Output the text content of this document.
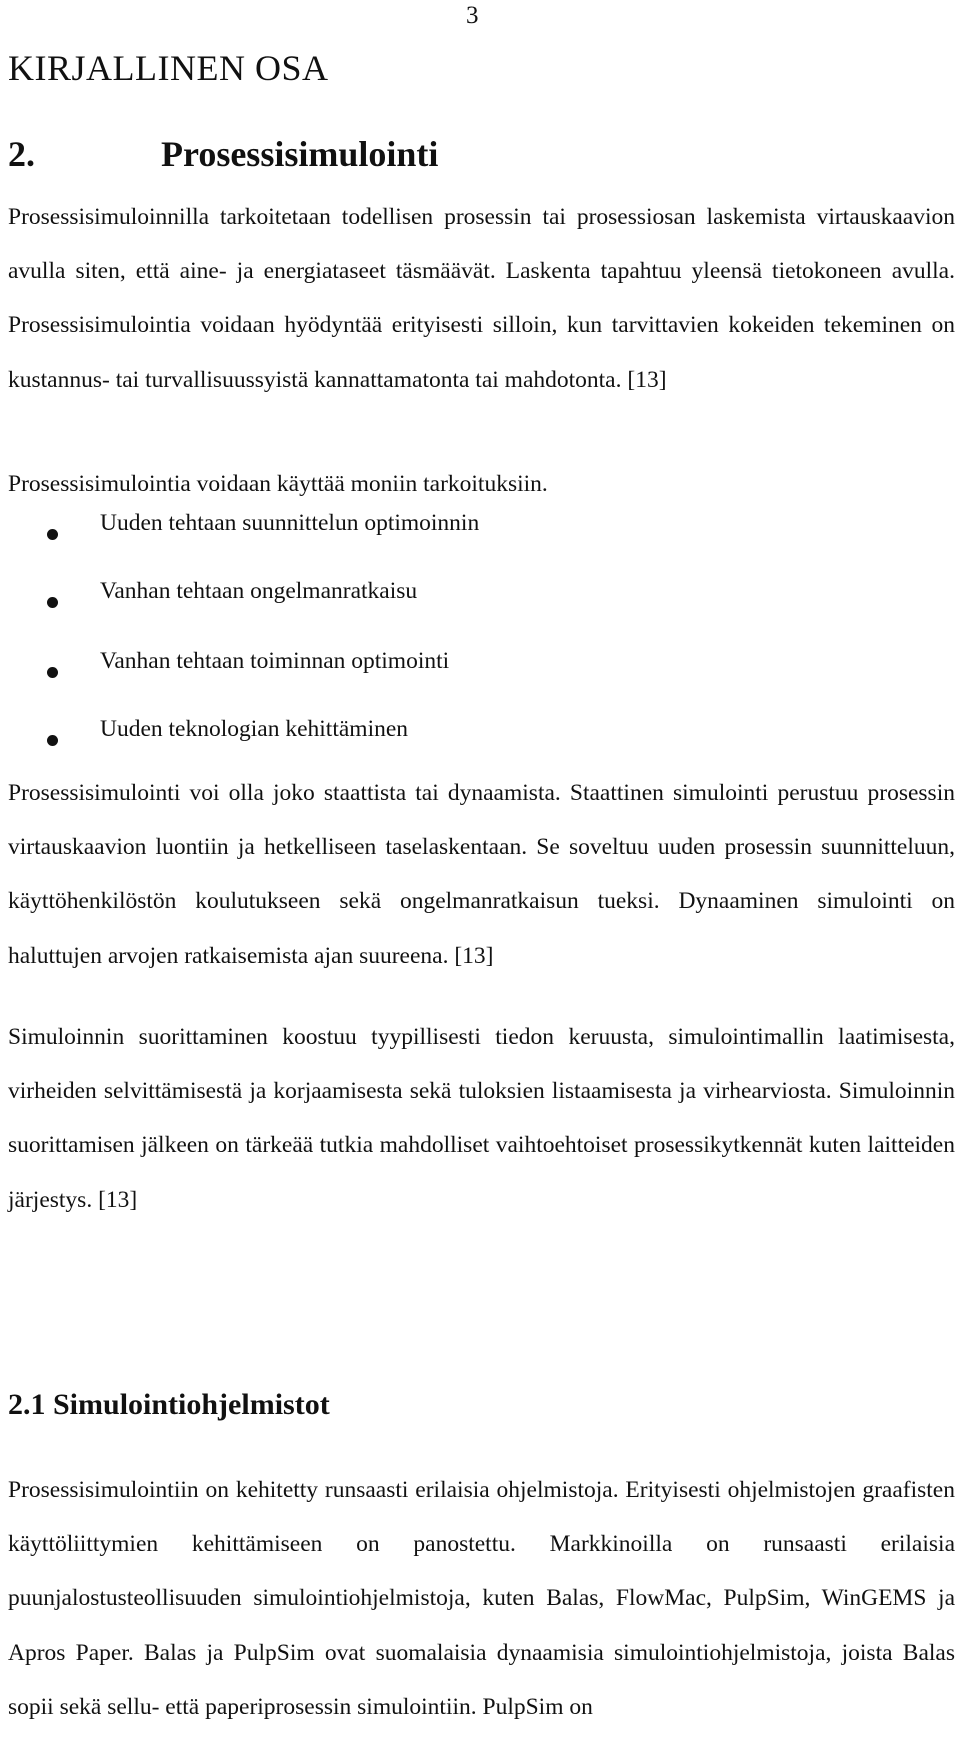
3
KIRJALLINEN OSA
2.	Prosessisimulointi

Prosessisimuloinnilla tarkoitetaan todellisen prosessin tai prosessiosan laskemista virtauskaavion avulla siten, että aine- ja energiataseet täsmäävät. Laskenta tapahtuu yleensä tietokoneen avulla. Prosessisimulointia voidaan hyödyntää erityisesti silloin, kun tarvittavien kokeiden tekeminen on kustannus- tai turvallisuussyistä kannattamatonta tai mahdotonta. [13]

Prosessisimulointia voidaan käyttää moniin tarkoituksiin.

Uuden tehtaan suunnittelun optimoinnin
Vanhan tehtaan ongelmanratkaisu
Vanhan tehtaan toiminnan optimointi
Uuden teknologian kehittäminen

Prosessisimulointi voi olla joko staattista tai dynaamista. Staattinen simulointi perustuu prosessin virtauskaavion luontiin ja hetkelliseen taselaskentaan. Se soveltuu uuden prosessin suunnitteluun, käyttöhenkilöstön koulutukseen sekä ongelmanratkaisun tueksi. Dynaaminen simulointi on haluttujen arvojen ratkaisemista ajan suureena. [13]

Simuloinnin suorittaminen koostuu tyypillisesti tiedon keruusta, simulointimallin laatimisesta, virheiden selvittämisestä ja korjaamisesta sekä tuloksien listaamisesta ja virhearviosta. Simuloinnin suorittamisen jälkeen on tärkeää tutkia mahdolliset vaihtoehtoiset prosessikytkennät kuten laitteiden järjestys. [13]

2.1 Simulointiohjelmistot

Prosessisimulointiin on kehitetty runsaasti erilaisia ohjelmistoja. Erityisesti ohjelmistojen graafisten käyttöliittymien kehittämiseen on panostettu. Markkinoilla on runsaasti erilaisia puunjalostusteollisuuden simulointiohjelmistoja, kuten Balas, FlowMac, PulpSim, WinGEMS ja Apros Paper. Balas ja PulpSim ovat suomalaisia dynaamisia simulointiohjelmistoja, joista Balas sopii sekä sellu- että paperiprosessin simulointiin. PulpSim on
